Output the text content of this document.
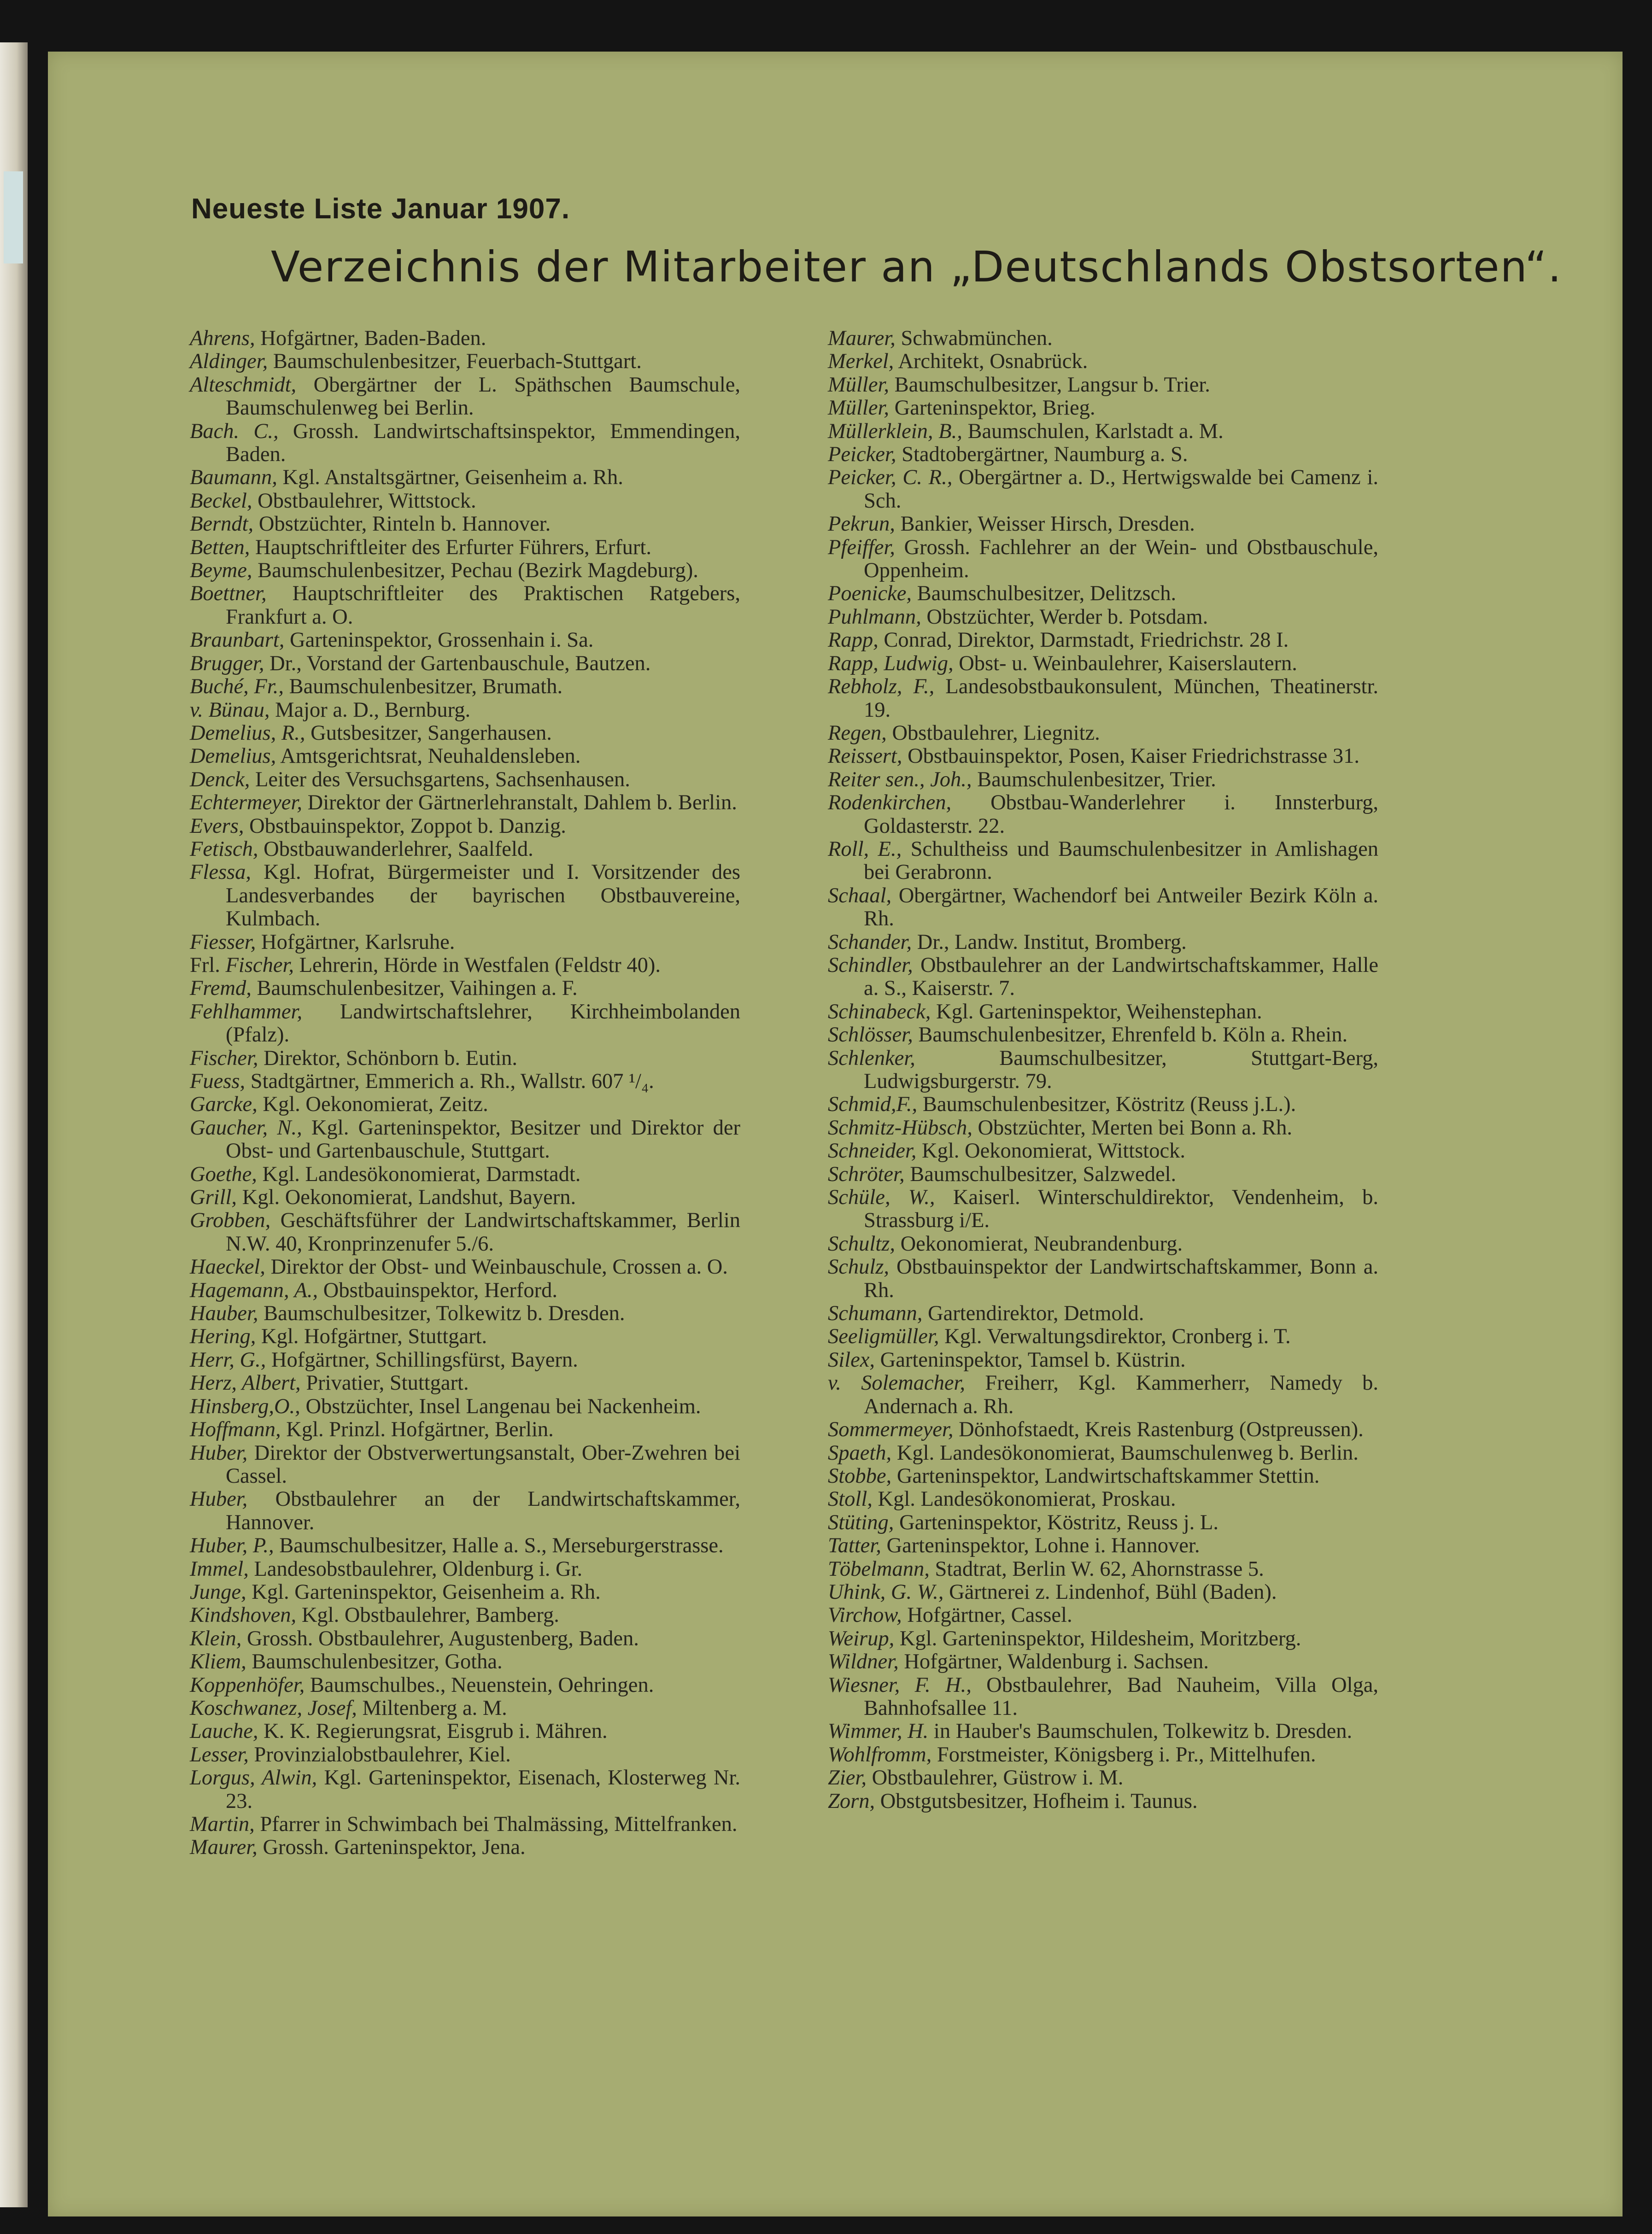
Neueste Liste Januar 1907.
Verzeichnis der Mitarbeiter an „Deutschlands Obstsorten“.

Ahrens, Hofgärtner, Baden-Baden.

Aldinger, Baumschulenbesitzer, Feuerbach-Stuttgart.

Alteschmidt, Obergärtner der L. Späthschen Baumschule, Baumschulenweg bei Berlin.

Bach. C., Grossh. Landwirtschaftsinspektor, Emmendingen, Baden.

Baumann, Kgl. Anstaltsgärtner, Geisenheim a. Rh.

Beckel, Obstbaulehrer, Wittstock.

Berndt, Obstzüchter, Rinteln b. Hannover.

Betten, Hauptschriftleiter des Erfurter Führers, Erfurt.

Beyme, Baumschulenbesitzer, Pechau (Bezirk Magdeburg).

Boettner, Hauptschriftleiter des Praktischen Ratgebers, Frankfurt a. O.

Braunbart, Garteninspektor, Grossenhain i. Sa.

Brugger, Dr., Vorstand der Gartenbauschule, Bautzen.

Buché, Fr., Baumschulenbesitzer, Brumath.

v. Bünau, Major a. D., Bernburg.

Demelius, R., Gutsbesitzer, Sangerhausen.

Demelius, Amtsgerichtsrat, Neuhaldensleben.

Denck, Leiter des Versuchsgartens, Sachsenhausen.

Echtermeyer, Direktor der Gärtnerlehranstalt, Dahlem b. Berlin.

Evers, Obstbauinspektor, Zoppot b. Danzig.

Fetisch, Obstbauwanderlehrer, Saalfeld.

Flessa, Kgl. Hofrat, Bürgermeister und I. Vorsitzender des Landesverbandes der bayrischen Obstbauvereine, Kulmbach.

Fiesser, Hofgärtner, Karlsruhe.

Frl. Fischer, Lehrerin, Hörde in Westfalen (Feldstr 40).

Fremd, Baumschulenbesitzer, Vaihingen a. F.

Fehlhammer, Landwirtschaftslehrer, Kirchheimbolanden (Pfalz).

Fischer, Direktor, Schönborn b. Eutin.

Fuess, Stadtgärtner, Emmerich a. Rh., Wallstr. 607 ¹/₄.

Garcke, Kgl. Oekonomierat, Zeitz.

Gaucher, N., Kgl. Garteninspektor, Besitzer und Direktor der Obst- und Gartenbauschule, Stuttgart.

Goethe, Kgl. Landesökonomierat, Darmstadt.

Grill, Kgl. Oekonomierat, Landshut, Bayern.

Grobben, Geschäftsführer der Landwirtschaftskammer, Berlin N.W. 40, Kronprinzenufer 5./6.

Haeckel, Direktor der Obst- und Weinbauschule, Crossen a. O.

Hagemann, A., Obstbauinspektor, Herford.

Hauber, Baumschulbesitzer, Tolkewitz b. Dresden.

Hering, Kgl. Hofgärtner, Stuttgart.

Herr, G., Hofgärtner, Schillingsfürst, Bayern.

Herz, Albert, Privatier, Stuttgart.

Hinsberg,O., Obstzüchter, Insel Langenau bei Nackenheim.

Hoffmann, Kgl. Prinzl. Hofgärtner, Berlin.

Huber, Direktor der Obstverwertungsanstalt, Ober-Zwehren bei Cassel.

Huber, Obstbaulehrer an der Landwirtschaftskammer, Hannover.

Huber, P., Baumschulbesitzer, Halle a. S., Merseburgerstrasse.

Immel, Landesobstbaulehrer, Oldenburg i. Gr.

Junge, Kgl. Garteninspektor, Geisenheim a. Rh.

Kindshoven, Kgl. Obstbaulehrer, Bamberg.

Klein, Grossh. Obstbaulehrer, Augustenberg, Baden.

Kliem, Baumschulenbesitzer, Gotha.

Koppenhöfer, Baumschulbes., Neuenstein, Oehringen.

Koschwanez, Josef, Miltenberg a. M.

Lauche, K. K. Regierungsrat, Eisgrub i. Mähren.

Lesser, Provinzialobstbaulehrer, Kiel.

Lorgus, Alwin, Kgl. Garteninspektor, Eisenach, Klosterweg Nr. 23.

Martin, Pfarrer in Schwimbach bei Thalmässing, Mittelfranken.

Maurer, Grossh. Garteninspektor, Jena.

Maurer, Schwabmünchen.

Merkel, Architekt, Osnabrück.

Müller, Baumschulbesitzer, Langsur b. Trier.

Müller, Garteninspektor, Brieg.

Müllerklein, B., Baumschulen, Karlstadt a. M.

Peicker, Stadtobergärtner, Naumburg a. S.

Peicker, C. R., Obergärtner a. D., Hertwigswalde bei Camenz i. Sch.

Pekrun, Bankier, Weisser Hirsch, Dresden.

Pfeiffer, Grossh. Fachlehrer an der Wein- und Obstbauschule, Oppenheim.

Poenicke, Baumschulbesitzer, Delitzsch.

Puhlmann, Obstzüchter, Werder b. Potsdam.

Rapp, Conrad, Direktor, Darmstadt, Friedrichstr. 28 I.

Rapp, Ludwig, Obst- u. Weinbaulehrer, Kaiserslautern.

Rebholz, F., Landesobstbaukonsulent, München, Theatinerstr. 19.

Regen, Obstbaulehrer, Liegnitz.

Reissert, Obstbauinspektor, Posen, Kaiser Friedrichstrasse 31.

Reiter sen., Joh., Baumschulenbesitzer, Trier.

Rodenkirchen, Obstbau-Wanderlehrer i. Innsterburg, Goldasterstr. 22.

Roll, E., Schultheiss und Baumschulenbesitzer in Amlishagen bei Gerabronn.

Schaal, Obergärtner, Wachendorf bei Antweiler Bezirk Köln a. Rh.

Schander, Dr., Landw. Institut, Bromberg.

Schindler, Obstbaulehrer an der Landwirtschaftskammer, Halle a. S., Kaiserstr. 7.

Schinabeck, Kgl. Garteninspektor, Weihenstephan.

Schlösser, Baumschulenbesitzer, Ehrenfeld b. Köln a. Rhein.

Schlenker, Baumschulbesitzer, Stuttgart-Berg, Ludwigsburgerstr. 79.

Schmid,F., Baumschulenbesitzer, Köstritz (Reuss j.L.).

Schmitz-Hübsch, Obstzüchter, Merten bei Bonn a. Rh.

Schneider, Kgl. Oekonomierat, Wittstock.

Schröter, Baumschulbesitzer, Salzwedel.

Schüle, W., Kaiserl. Winterschuldirektor, Vendenheim, b. Strassburg i/E.

Schultz, Oekonomierat, Neubrandenburg.

Schulz, Obstbauinspektor der Landwirtschaftskammer, Bonn a. Rh.

Schumann, Gartendirektor, Detmold.

Seeligmüller, Kgl. Verwaltungsdirektor, Cronberg i. T.

Silex, Garteninspektor, Tamsel b. Küstrin.

v. Solemacher, Freiherr, Kgl. Kammerherr, Namedy b. Andernach a. Rh.

Sommermeyer, Dönhofstaedt, Kreis Rastenburg (Ostpreussen).

Spaeth, Kgl. Landesökonomierat, Baumschulenweg b. Berlin.

Stobbe, Garteninspektor, Landwirtschaftskammer Stettin.

Stoll, Kgl. Landesökonomierat, Proskau.

Stüting, Garteninspektor, Köstritz, Reuss j. L.

Tatter, Garteninspektor, Lohne i. Hannover.

Töbelmann, Stadtrat, Berlin W. 62, Ahornstrasse 5.

Uhink, G. W., Gärtnerei z. Lindenhof, Bühl (Baden).

Virchow, Hofgärtner, Cassel.

Weirup, Kgl. Garteninspektor, Hildesheim, Moritzberg.

Wildner, Hofgärtner, Waldenburg i. Sachsen.

Wiesner, F. H., Obstbaulehrer, Bad Nauheim, Villa Olga, Bahnhofsallee 11.

Wimmer, H. in Hauber's Baumschulen, Tolkewitz b. Dresden.

Wohlfromm, Forstmeister, Königsberg i. Pr., Mittelhufen.

Zier, Obstbaulehrer, Güstrow i. M.

Zorn, Obstgutsbesitzer, Hofheim i. Taunus.
